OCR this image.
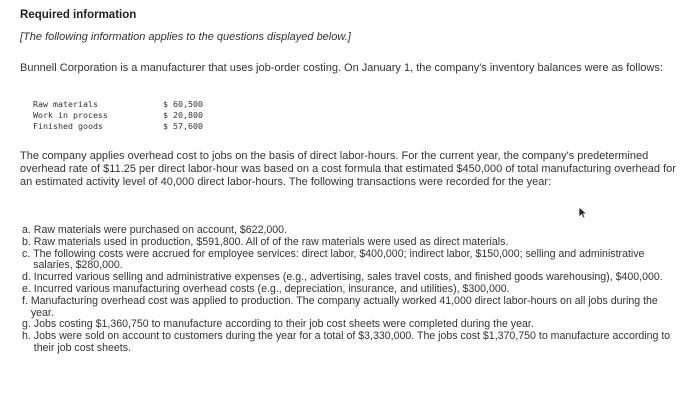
Required information
[The following information applies to the questions displayed below.]
Bunnell Corporation is a manufacturer that uses job-order costing. On January 1, the company's inventory balances were as follows:
Raw materials	$ 60,500
Work in process	$ 20,800
Finished goods	$ 57,600
The company applies overhead cost to jobs on the basis of direct labor-hours. For the current year, the company's predetermined overhead rate of $11.25 per direct labor-hour was based on a cost formula that estimated $450,000 of total manufacturing overhead for an estimated activity level of 40,000 direct labor-hours. The following transactions were recorded for the year:
a. Raw materials were purchased on account, $622,000.
b. Raw materials used in production, $591,800. All of of the raw materials were used as direct materials.
c. The following costs were accrued for employee services: direct labor, $400,000; indirect labor, $150,000; selling and administrative salaries, $280,000.
d. Incurred various selling and administrative expenses (e.g., advertising, sales travel costs, and finished goods warehousing), $400,000.
e. Incurred various manufacturing overhead costs (e.g., depreciation, insurance, and utilities), $300,000.
f. Manufacturing overhead cost was applied to production. The company actually worked 41,000 direct labor-hours on all jobs during the year.
g. Jobs costing $1,360,750 to manufacture according to their job cost sheets were completed during the year.
h. Jobs were sold on account to customers during the year for a total of $3,330,000. The jobs cost $1,370,750 to manufacture according to their job cost sheets.
